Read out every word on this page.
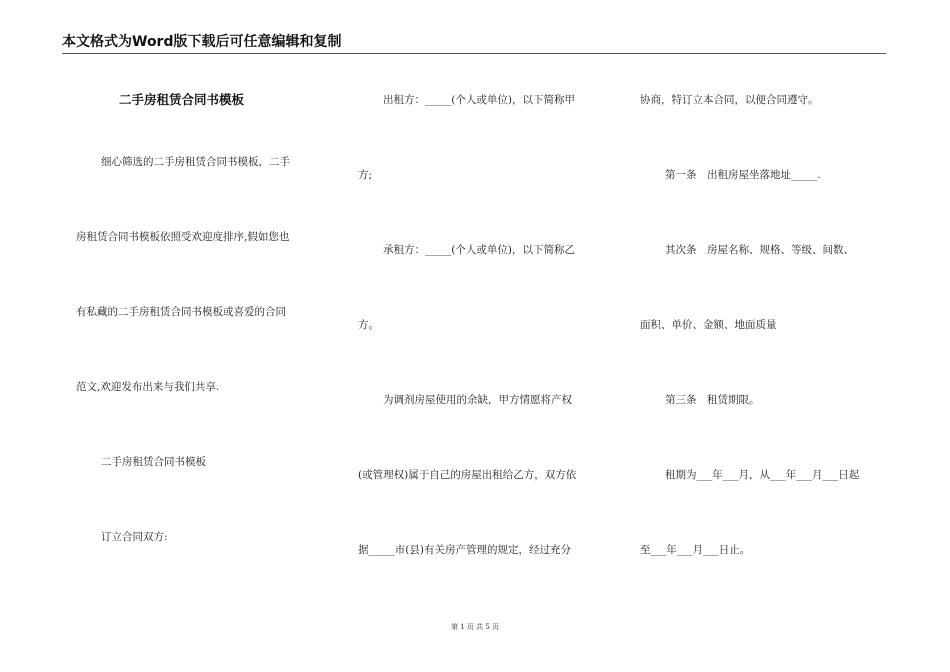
本文格式为Word版下载后可任意编辑和复制
二手房租赁合同书模板
细心筛选的二手房租赁合同书模板，二手
房租赁合同书模板依照受欢迎度排序,假如您也
有私藏的二手房租赁合同书模板或喜爱的合同
范文,欢迎发布出来与我们共享.
二手房租赁合同书模板
订立合同双方:
出租方：_____(个人或单位)，以下简称甲
方;
承租方：_____(个人或单位)，以下简称乙
方。
为调剂房屋使用的余缺，甲方情愿将产权
(或管理权)属于自己的房屋出租给乙方，双方依
据_____市(县)有关房产管理的规定，经过充分
协商，特订立本合同，以便合同遵守。
第一条　出租房屋坐落地址_____.
其次条　房屋名称、规格、等级、间数、
面积、单价、金额、地面质量
第三条　租赁期限。
租期为___年___月，从___年___月___日起
至___年___月___日止。
第 1 页 共 5 页
